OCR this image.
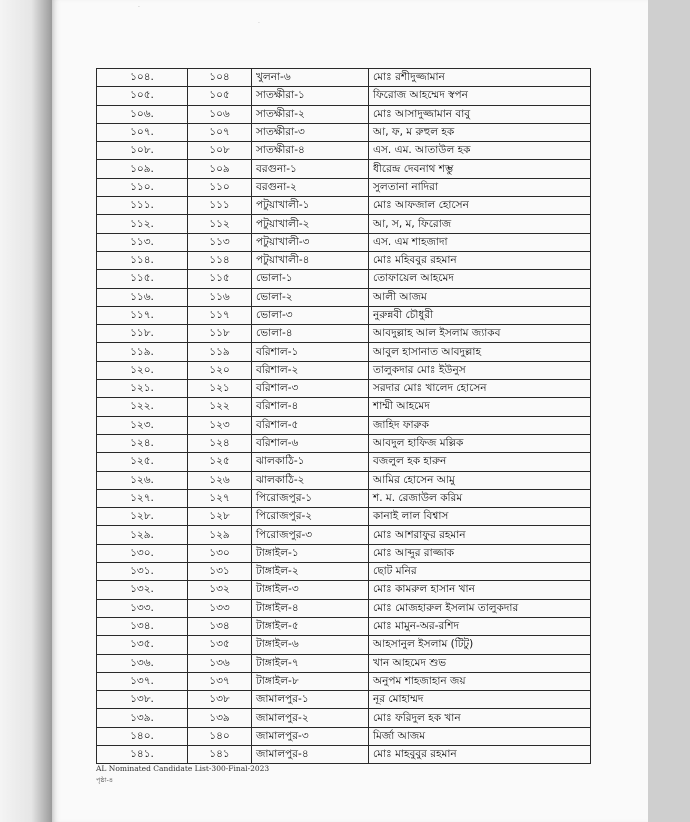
·
·
১০৪.	১০৪	খুলনা-৬	মোঃ রশীদুজ্জামান
১০৫.	১০৫	সাতক্ষীরা-১	ফিরোজ আহম্মেদ স্বপন
১০৬.	১০৬	সাতক্ষীরা-২	মোঃ আসাদুজ্জামান বাবু
১০৭.	১০৭	সাতক্ষীরা-৩	আ, ফ, ম রুহুল হক
১০৮.	১০৮	সাতক্ষীরা-৪	এস. এম. আতাউল হক
১০৯.	১০৯	বরগুনা-১	ধীরেন্দ্র দেবনাথ শম্ভু
১১০.	১১০	বরগুনা-২	সুলতানা নাদিরা
১১১.	১১১	পটুয়াখালী-১	মোঃ আফজাল হোসেন
১১২.	১১২	পটুয়াখালী-২	আ, স, ম, ফিরোজ
১১৩.	১১৩	পটুয়াখালী-৩	এস. এম শাহজাদা
১১৪.	১১৪	পটুয়াখালী-৪	মোঃ মহিববুর রহমান
১১৫.	১১৫	ভোলা-১	তোফায়েল আহমেদ
১১৬.	১১৬	ভোলা-২	আলী আজম
১১৭.	১১৭	ভোলা-৩	নুরুন্নবী চৌধুরী
১১৮.	১১৮	ভোলা-৪	আবদুল্লাহ আল ইসলাম জ্যাকব
১১৯.	১১৯	বরিশাল-১	আবুল হাসানাত আবদুল্লাহ
১২০.	১২০	বরিশাল-২	তালুকদার মোঃ ইউনুস
১২১.	১২১	বরিশাল-৩	সরদার মোঃ খালেদ হোসেন
১২২.	১২২	বরিশাল-৪	শাম্মী আহমেদ
১২৩.	১২৩	বরিশাল-৫	জাহিদ ফারুক
১২৪.	১২৪	বরিশাল-৬	আবদুল হাফিজ মল্লিক
১২৫.	১২৫	ঝালকাঠি-১	বজলুল হক হারুন
১২৬.	১২৬	ঝালকাঠি-২	আমির হোসেন আমু
১২৭.	১২৭	পিরোজপুর-১	শ. ম. রেজাউল করিম
১২৮.	১২৮	পিরোজপুর-২	কানাই লাল বিশ্বাস
১২৯.	১২৯	পিরোজপুর-৩	মোঃ আশরাফুর রহমান
১৩০.	১৩০	টাঙ্গাইল-১	মোঃ আব্দুর রাজ্জাক
১৩১.	১৩১	টাঙ্গাইল-২	ছোট মনির
১৩২.	১৩২	টাঙ্গাইল-৩	মোঃ কামরুল হাসান খান
১৩৩.	১৩৩	টাঙ্গাইল-৪	মোঃ মোজহারুল ইসলাম তালুকদার
১৩৪.	১৩৪	টাঙ্গাইল-৫	মোঃ মামুন-অর-রশিদ
১৩৫.	১৩৫	টাঙ্গাইল-৬	আহসানুল ইসলাম (টিটু)
১৩৬.	১৩৬	টাঙ্গাইল-৭	খান আহমেদ শুভ
১৩৭.	১৩৭	টাঙ্গাইল-৮	অনুপম শাহজাহান জয়
১৩৮.	১৩৮	জামালপুর-১	নূর মোহাম্মদ
১৩৯.	১৩৯	জামালপুর-২	মোঃ ফরিদুল হক খান
১৪০.	১৪০	জামালপুর-৩	মির্জা আজম
১৪১.	১৪১	জামালপুর-৪	মোঃ মাহবুবুর রহমান
AL Nominated Candidate List-300-Final-2023
পৃষ্ঠা-৪
